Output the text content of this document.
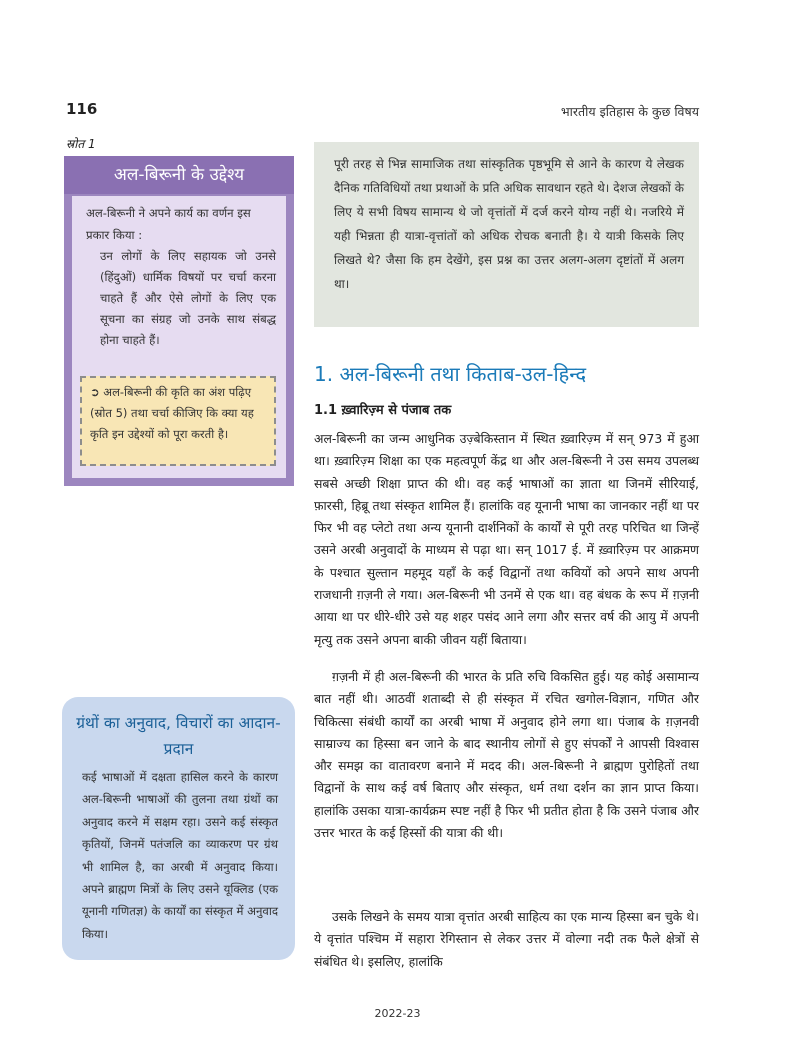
116	भारतीय इतिहास के कुछ विषय
स्रोत 1
अल-बिरूनी के उद्देश्य
अल-बिरूनी ने अपने कार्य का वर्णन इस प्रकार किया :
उन लोगों के लिए सहायक जो उनसे (हिंदुओं) धार्मिक विषयों पर चर्चा करना चाहते हैं और ऐसे लोगों के लिए एक सूचना का संग्रह जो उनके साथ संबद्ध होना चाहते हैं।
➲ अल-बिरूनी की कृति का अंश पढ़िए (स्रोत 5) तथा चर्चा कीजिए कि क्या यह कृति इन उद्देश्यों को पूरा करती है।
पूरी तरह से भिन्न सामाजिक तथा सांस्कृतिक पृष्ठभूमि से आने के कारण ये लेखक दैनिक गतिविधियों तथा प्रथाओं के प्रति अधिक सावधान रहते थे। देशज लेखकों के लिए ये सभी विषय सामान्य थे जो वृत्तांतों में दर्ज करने योग्य नहीं थे। नजरिये में यही भिन्नता ही यात्रा-वृत्तांतों को अधिक रोचक बनाती है। ये यात्री किसके लिए लिखते थे? जैसा कि हम देखेंगे, इस प्रश्न का उत्तर अलग-अलग दृष्टांतों में अलग था।
1. अल-बिरूनी तथा किताब-उल-हिन्द
1.1 ख़्वारिज़्म से पंजाब तक
अल-बिरूनी का जन्म आधुनिक उज़्बेकिस्तान में स्थित ख़्वारिज़्म में सन् 973 में हुआ था। ख़्वारिज़्म शिक्षा का एक महत्वपूर्ण केंद्र था और अल-बिरूनी ने उस समय उपलब्ध सबसे अच्छी शिक्षा प्राप्त की थी। वह कई भाषाओं का ज्ञाता था जिनमें सीरियाई, फ़ारसी, हिब्रू तथा संस्कृत शामिल हैं। हालांकि वह यूनानी भाषा का जानकार नहीं था पर फिर भी वह प्लेटो तथा अन्य यूनानी दार्शनिकों के कार्यों से पूरी तरह परिचित था जिन्हें उसने अरबी अनुवादों के माध्यम से पढ़ा था। सन् 1017 ई. में ख़्वारिज़्म पर आक्रमण के पश्चात सुल्तान महमूद यहाँ के कई विद्वानों तथा कवियों को अपने साथ अपनी राजधानी ग़ज़नी ले गया। अल-बिरूनी भी उनमें से एक था। वह बंधक के रूप में ग़ज़नी आया था पर धीरे-धीरे उसे यह शहर पसंद आने लगा और सत्तर वर्ष की आयु में अपनी मृत्यु तक उसने अपना बाकी जीवन यहीं बिताया।
ग़ज़नी में ही अल-बिरूनी की भारत के प्रति रुचि विकसित हुई। यह कोई असामान्य बात नहीं थी। आठवीं शताब्दी से ही संस्कृत में रचित खगोल-विज्ञान, गणित और चिकित्सा संबंधी कार्यों का अरबी भाषा में अनुवाद होने लगा था। पंजाब के ग़ज़नवी साम्राज्य का हिस्सा बन जाने के बाद स्थानीय लोगों से हुए संपर्कों ने आपसी विश्वास और समझ का वातावरण बनाने में मदद की। अल-बिरूनी ने ब्राह्मण पुरोहितों तथा विद्वानों के साथ कई वर्ष बिताए और संस्कृत, धर्म तथा दर्शन का ज्ञान प्राप्त किया। हालांकि उसका यात्रा-कार्यक्रम स्पष्ट नहीं है फिर भी प्रतीत होता है कि उसने पंजाब और उत्तर भारत के कई हिस्सों की यात्रा की थी।
उसके लिखने के समय यात्रा वृत्तांत अरबी साहित्य का एक मान्य हिस्सा बन चुके थे। ये वृत्तांत पश्चिम में सहारा रेगिस्तान से लेकर उत्तर में वोल्गा नदी तक फैले क्षेत्रों से संबंधित थे। इसलिए, हालांकि
ग्रंथों का अनुवाद, विचारों का आदान-प्रदान
कई भाषाओं में दक्षता हासिल करने के कारण अल-बिरूनी भाषाओं की तुलना तथा ग्रंथों का अनुवाद करने में सक्षम रहा। उसने कई संस्कृत कृतियों, जिनमें पतंजलि का व्याकरण पर ग्रंथ भी शामिल है, का अरबी में अनुवाद किया। अपने ब्राह्मण मित्रों के लिए उसने यूक्लिड (एक यूनानी गणितज्ञ) के कार्यों का संस्कृत में अनुवाद किया।
2022-23
